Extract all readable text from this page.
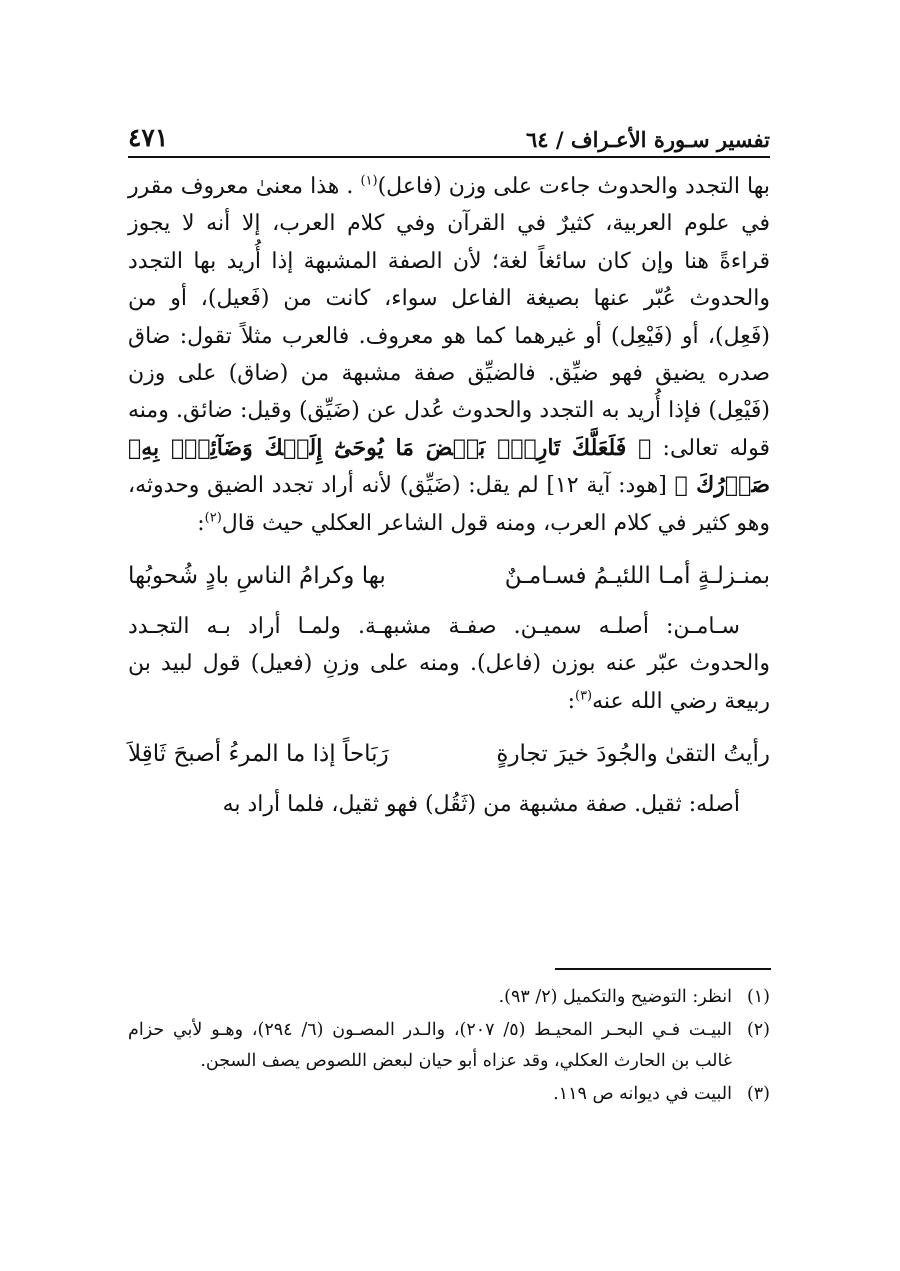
تفسير سـورة الأعـراف / ٦٤
٤٧١

بها التجدد والحدوث جاءت على وزن (فاعل)$^{(١)}$ . هذا معنىٰ معروف مقرر في علوم العربية، كثيرٌ في القرآن وفي كلام العرب، إلا أنه لا يجوز قراءةً هنا وإن كان سائغاً لغة؛ لأن الصفة المشبهة إذا أُريد بها التجدد والحدوث عُبّر عنها بصيغة الفاعل سواء، كانت من (فَعيل)، أو من (فَعِل)، أو (فَيْعِل) أو غيرهما كما هو معروف. فالعرب مثلاً تقول: ضاق صدره يضيق فهو ضيِّق. فالضيِّق صفة مشبهة من (ضاق) على وزن (فَيْعِل) فإذا أُريد به التجدد والحدوث عُدل عن (ضَيِّق) وقيل: ضائق. ومنه قوله تعالى: ﴿ فَلَعَلَّكَ تَارِكُۢ بَعۡضَ مَا يُوحَىٰٓ إِلَيۡكَ وَضَآئِقُۢ بِهِۦ صَدۡرُكَ ﴾ [هود: آية ١٢] لم يقل: (ضَيِّق) لأنه أراد تجدد الضيق وحدوثه، وهو كثير في كلام العرب، ومنه قول الشاعر العكلي حيث قال$^{(٢)}$:

بمنـزلـةٍ أمـا اللئيـمُ فسـامـنٌ
بها وكرامُ الناسِ بادٍ شُحوبُها

سـامـن: أصلـه سميـن. صفـة مشبهـة. ولمـا أراد بـه التجـدد والحدوث عبّر عنه بوزن (فاعل). ومنه على وزنِ (فعيل) قول لبيد بن ربيعة رضي الله عنه$^{(٣)}$:

رأيتُ التقىٰ والجُودَ خيرَ تجارةٍ
رَبَاحاً إذا ما المرءُ أصبحَ ثَاقِلاَ

أصله: ثقيل. صفة مشبهة من (ثَقُل) فهو ثقيل، فلما أراد به

(١)
انظر: التوضيح والتكميل (٢/ ٩٣).
(٢)
البيـت فـي البحـر المحيـط (٥/ ٢٠٧)، والـدر المصـون (٦/ ٢٩٤)، وهـو لأبي حزام غالب بن الحارث العكلي، وقد عزاه أبو حيان لبعض اللصوص يصف السجن.
(٣)
البيت في ديوانه ص ١١٩.
